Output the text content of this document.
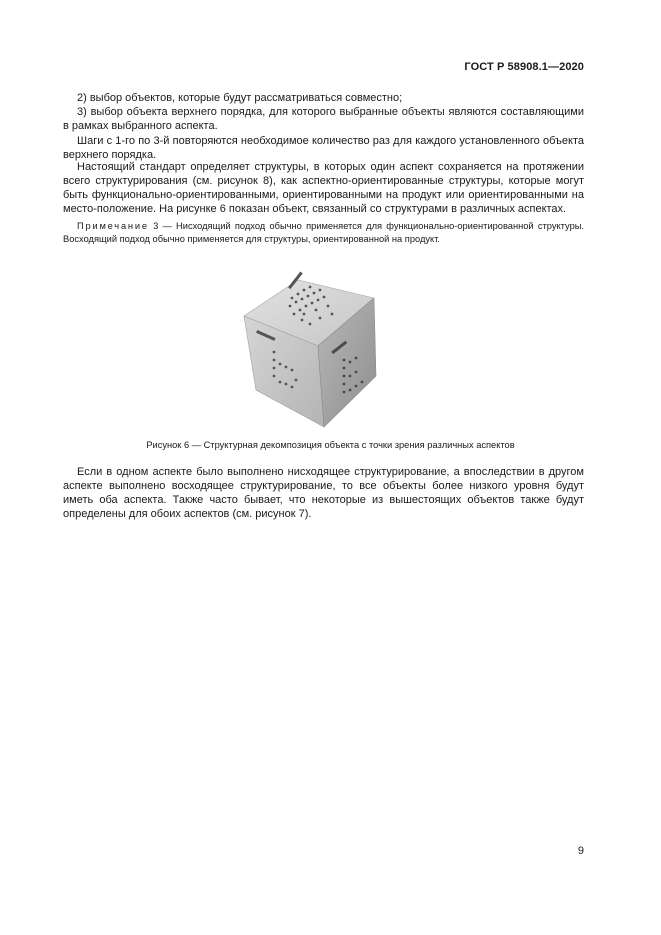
ГОСТ Р 58908.1—2020
2) выбор объектов, которые будут рассматриваться совместно;
3) выбор объекта верхнего порядка, для которого выбранные объекты являются составляющими в рамках выбранного аспекта.
Шаги с 1-го по 3-й повторяются необходимое количество раз для каждого установленного объекта верхнего порядка.
Настоящий стандарт определяет структуры, в которых один аспект сохраняется на протяжении всего структурирования (см. рисунок 8), как аспектно-ориентированные структуры, которые могут быть функционально-ориентированными, ориентированными на продукт или ориентированными на место-положение. На рисунке 6 показан объект, связанный со структурами в различных аспектах.
Примечание 3 — Нисходящий подход обычно применяется для функционально-ориентированной структуры. Восходящий подход обычно применяется для структуры, ориентированной на продукт.
Рисунок 6 — Структурная декомпозиция объекта с точки зрения различных аспектов
Если в одном аспекте было выполнено нисходящее структурирование, а впоследствии в другом аспекте выполнено восходящее структурирование, то все объекты более низкого уровня будут иметь оба аспекта. Также часто бывает, что некоторые из вышестоящих объектов также будут определены для обоих аспектов (см. рисунок 7).
9
